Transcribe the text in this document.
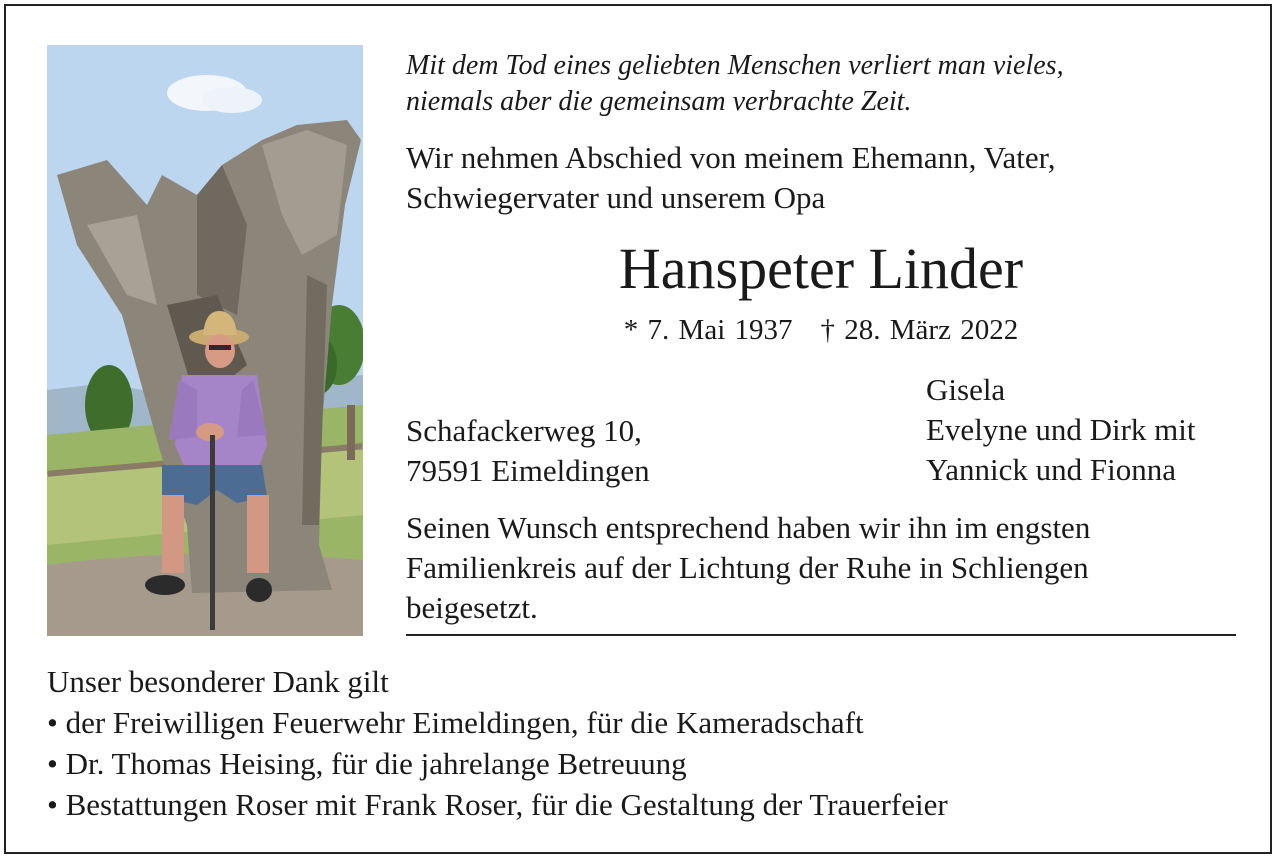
Mit dem Tod eines geliebten Menschen verliert man vieles,
niemals aber die gemeinsam verbrachte Zeit.
Wir nehmen Abschied von meinem Ehemann, Vater,
Schwiegervater und unserem Opa
Hanspeter Linder
* 7. Mai 1937 † 28. März 2022
Schafackerweg 10,
79591 Eimeldingen
Gisela
Evelyne und Dirk mit
Yannick und Fionna
Seinen Wunsch entsprechend haben wir ihn im engsten
Familienkreis auf der Lichtung der Ruhe in Schliengen
beigesetzt.
Unser besonderer Dank gilt
• der Freiwilligen Feuerwehr Eimeldingen, für die Kameradschaft
• Dr. Thomas Heising, für die jahrelange Betreuung
• Bestattungen Roser mit Frank Roser, für die Gestaltung der Trauerfeier
